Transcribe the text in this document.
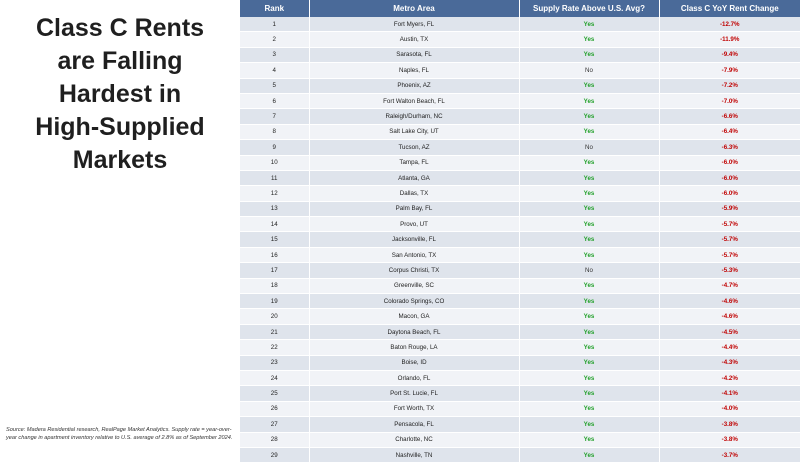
Class C Rents
are Falling
Hardest in
High-Supplied
Markets
Source: Madera Residential research, RealPage Market Analytics. Supply rate = year-over-year change in apartment inventory relative to U.S. average of 2.8% as of September 2024.
Rank	Metro Area	Supply Rate Above U.S. Avg?	Class C YoY Rent Change
1	Fort Myers, FL	Yes	-12.7%
2	Austin, TX	Yes	-11.9%
3	Sarasota, FL	Yes	-9.4%
4	Naples, FL	No	-7.9%
5	Phoenix, AZ	Yes	-7.2%
6	Fort Walton Beach, FL	Yes	-7.0%
7	Raleigh/Durham, NC	Yes	-6.6%
8	Salt Lake City, UT	Yes	-6.4%
9	Tucson, AZ	No	-6.3%
10	Tampa, FL	Yes	-6.0%
11	Atlanta, GA	Yes	-6.0%
12	Dallas, TX	Yes	-6.0%
13	Palm Bay, FL	Yes	-5.9%
14	Provo, UT	Yes	-5.7%
15	Jacksonville, FL	Yes	-5.7%
16	San Antonio, TX	Yes	-5.7%
17	Corpus Christi, TX	No	-5.3%
18	Greenville, SC	Yes	-4.7%
19	Colorado Springs, CO	Yes	-4.6%
20	Macon, GA	Yes	-4.6%
21	Daytona Beach, FL	Yes	-4.5%
22	Baton Rouge, LA	Yes	-4.4%
23	Boise, ID	Yes	-4.3%
24	Orlando, FL	Yes	-4.2%
25	Port St. Lucie, FL	Yes	-4.1%
26	Fort Worth, TX	Yes	-4.0%
27	Pensacola, FL	Yes	-3.8%
28	Charlotte, NC	Yes	-3.8%
29	Nashville, TN	Yes	-3.7%
